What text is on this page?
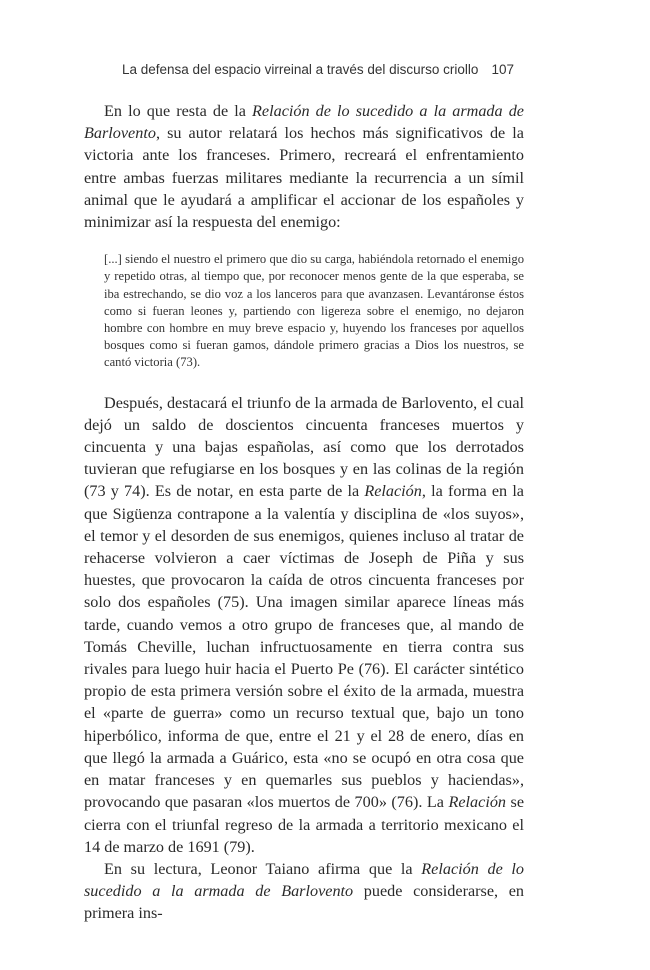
La defensa del espacio virreinal a través del discurso criollo 107

En lo que resta de la Relación de lo sucedido a la armada de Barlovento, su autor relatará los hechos más significativos de la victoria ante los franceses. Primero, recreará el enfrentamiento entre ambas fuerzas militares mediante la recurrencia a un símil animal que le ayudará a amplificar el accionar de los españoles y minimizar así la respuesta del enemigo:

[...] siendo el nuestro el primero que dio su carga, habiéndola retornado el enemigo y repetido otras, al tiempo que, por reconocer menos gente de la que esperaba, se iba estrechando, se dio voz a los lanceros para que avanzasen. Levantáronse éstos como si fueran leones y, partiendo con ligereza sobre el enemigo, no dejaron hombre con hombre en muy breve espacio y, huyendo los franceses por aquellos bosques como si fueran gamos, dándole primero gracias a Dios los nuestros, se cantó victoria (73).

Después, destacará el triunfo de la armada de Barlovento, el cual dejó un saldo de doscientos cincuenta franceses muertos y cincuenta y una bajas españolas, así como que los derrotados tuvieran que refugiarse en los bosques y en las colinas de la región (73 y 74). Es de notar, en esta parte de la Relación, la forma en la que Sigüenza contrapone a la valentía y disciplina de «los suyos», el temor y el desorden de sus enemigos, quienes incluso al tratar de rehacerse volvieron a caer víctimas de Joseph de Piña y sus huestes, que provocaron la caída de otros cincuenta franceses por solo dos españoles (75). Una imagen similar aparece líneas más tarde, cuando vemos a otro grupo de franceses que, al mando de Tomás Cheville, luchan infructuosamente en tierra contra sus rivales para luego huir hacia el Puerto Pe (76). El carácter sintético propio de esta primera versión sobre el éxito de la armada, muestra el «parte de guerra» como un recurso textual que, bajo un tono hiperbólico, informa de que, entre el 21 y el 28 de enero, días en que llegó la armada a Guárico, esta «no se ocupó en otra cosa que en matar franceses y en quemarles sus pueblos y haciendas», provocando que pasaran «los muertos de 700» (76). La Relación se cierra con el triunfal regreso de la armada a territorio mexicano el 14 de marzo de 1691 (79).

En su lectura, Leonor Taiano afirma que la Relación de lo sucedido a la armada de Barlovento puede considerarse, en primera ins-
